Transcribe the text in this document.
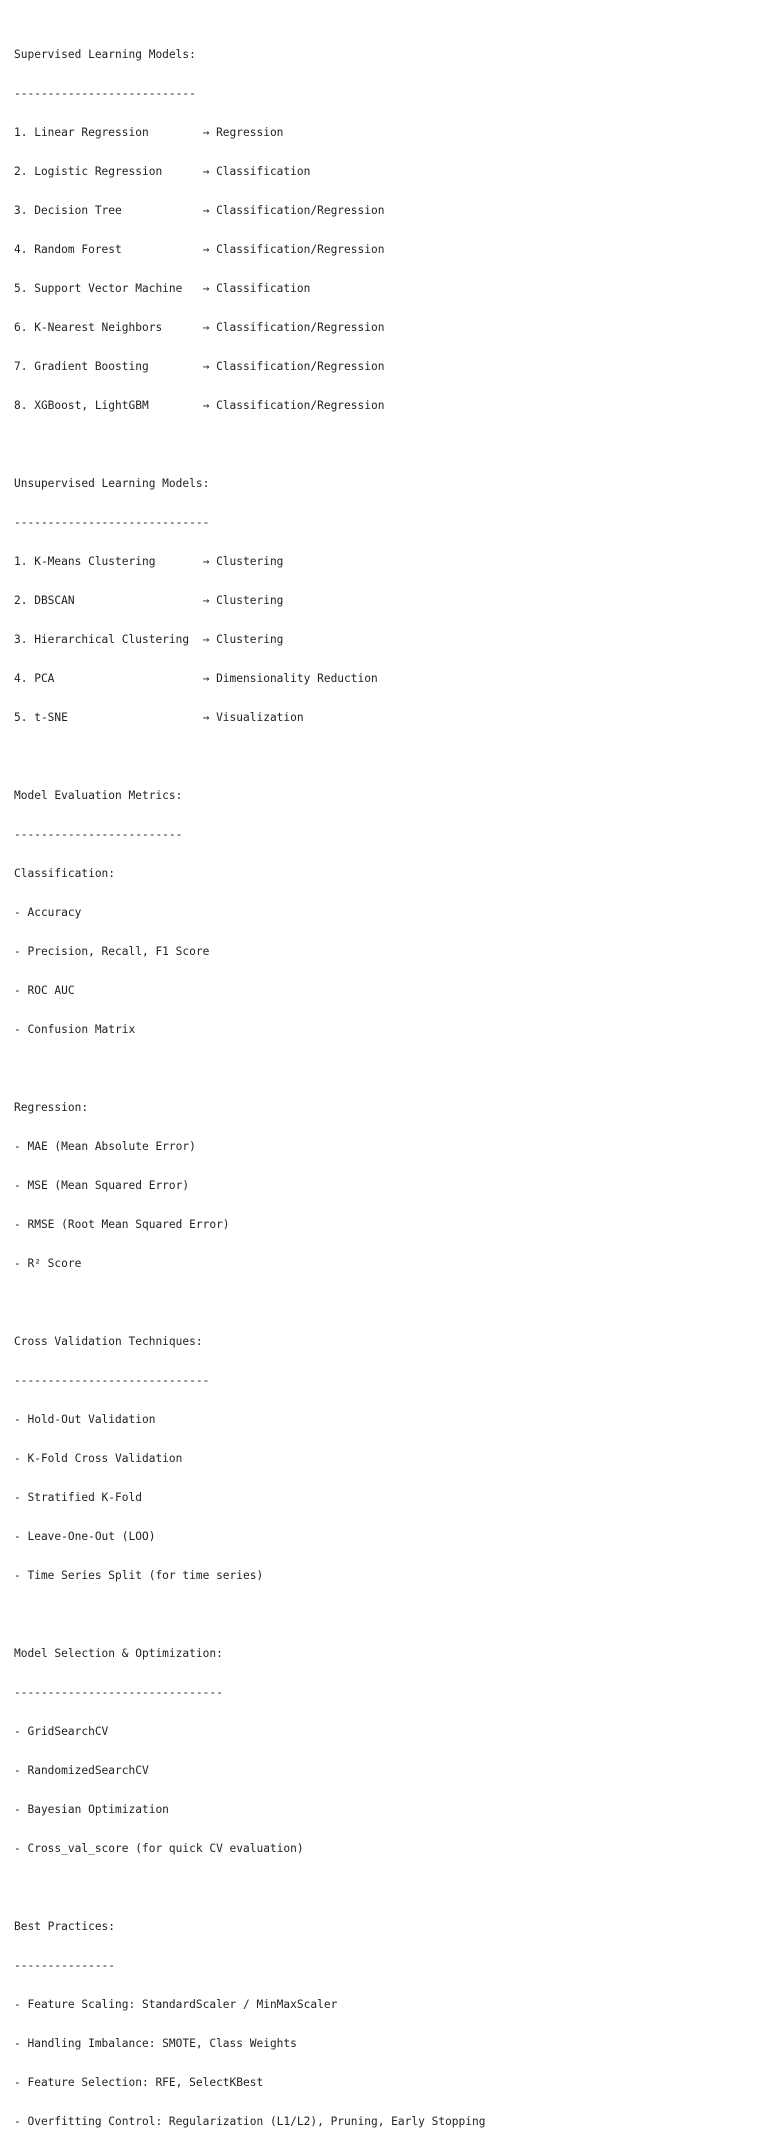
Supervised Learning Models:

---------------------------

1. Linear Regression        → Regression

2. Logistic Regression      → Classification

3. Decision Tree            → Classification/Regression

4. Random Forest            → Classification/Regression

5. Support Vector Machine   → Classification

6. K-Nearest Neighbors      → Classification/Regression

7. Gradient Boosting        → Classification/Regression

8. XGBoost, LightGBM        → Classification/Regression

Unsupervised Learning Models:

-----------------------------

1. K-Means Clustering       → Clustering

2. DBSCAN                   → Clustering

3. Hierarchical Clustering  → Clustering

4. PCA                      → Dimensionality Reduction

5. t-SNE                    → Visualization

Model Evaluation Metrics:

-------------------------

Classification:

- Accuracy

- Precision, Recall, F1 Score

- ROC AUC

- Confusion Matrix

Regression:

- MAE (Mean Absolute Error)

- MSE (Mean Squared Error)

- RMSE (Root Mean Squared Error)

- R² Score

Cross Validation Techniques:

-----------------------------

- Hold-Out Validation

- K-Fold Cross Validation

- Stratified K-Fold

- Leave-One-Out (LOO)

- Time Series Split (for time series)

Model Selection & Optimization:

-------------------------------

- GridSearchCV

- RandomizedSearchCV

- Bayesian Optimization

- Cross_val_score (for quick CV evaluation)

Best Practices:

---------------

- Feature Scaling: StandardScaler / MinMaxScaler

- Handling Imbalance: SMOTE, Class Weights

- Feature Selection: RFE, SelectKBest

- Overfitting Control: Regularization (L1/L2), Pruning, Early Stopping
